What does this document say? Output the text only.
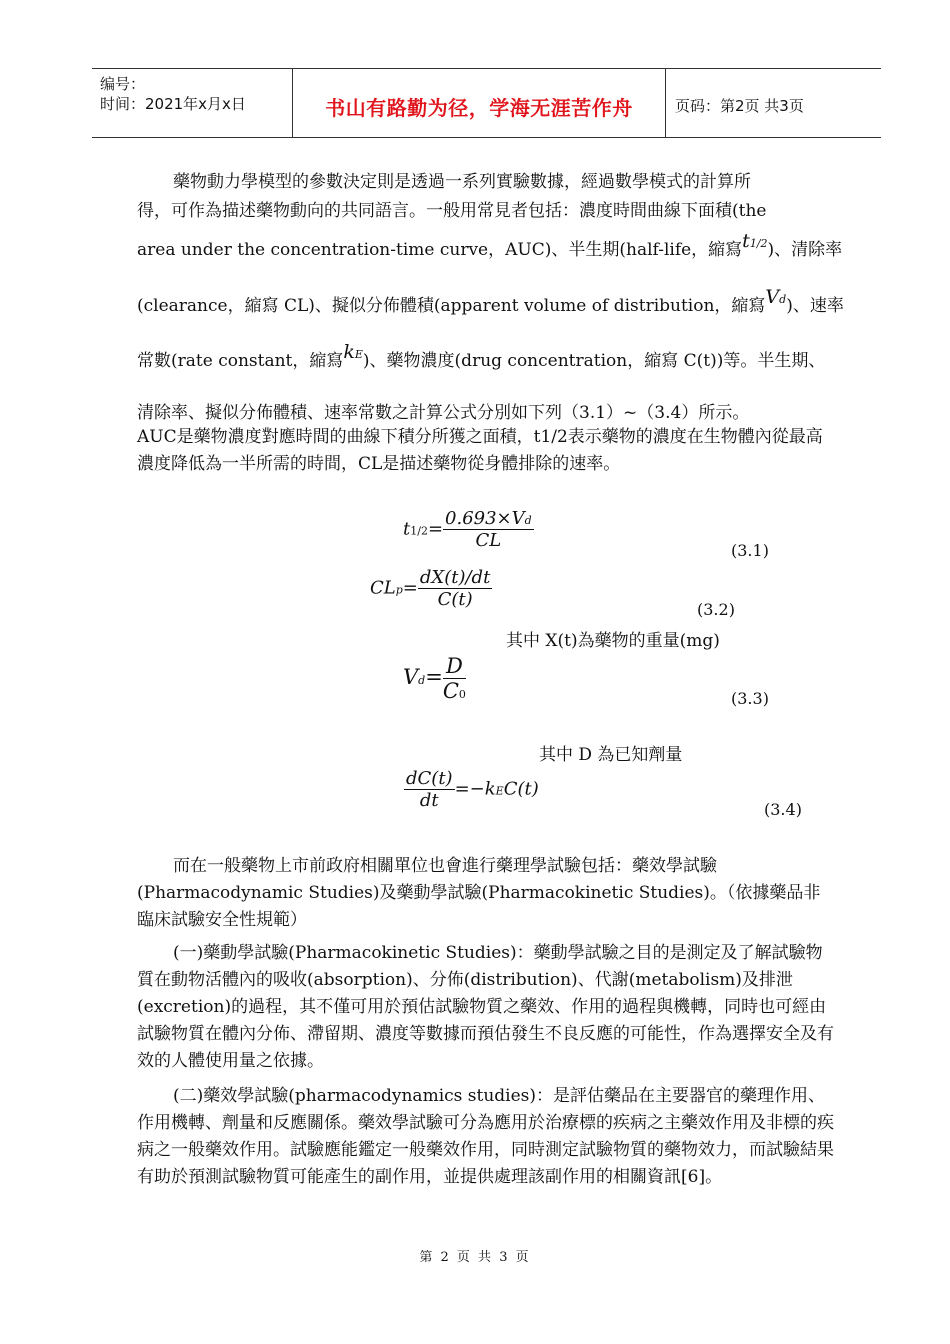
编号：
时间：2021年x月x日	书山有路勤为径，学海无涯苦作舟	页码：第2页 共3页
藥物動力學模型的參數決定則是透過一系列實驗數據，經過數學模式的計算所
得，可作為描述藥物動向的共同語言。一般用常見者包括：濃度時間曲線下面積(the
area under the concentration-time curve，AUC)、半生期(half-life，縮寫t1/2)、清除率
(clearance，縮寫 CL)、擬似分佈體積(apparent volume of distribution，縮寫Vd)、速率
常數(rate constant，縮寫kE)、藥物濃度(drug concentration，縮寫 C(t))等。半生期、
清除率、擬似分佈體積、速率常數之計算公式分別如下列（3.1）~（3.4）所示。
AUC是藥物濃度對應時間的曲線下積分所獲之面積，t1/2表示藥物的濃度在生物體內從最高濃度降低為一半所需的時間，CL是描述藥物從身體排除的速率。
$t1/2= \frac{0.693\times Vd}{CL}$	(3.1)
$CLp= \frac{dX(t)/dt}{C(t)}$	(3.2)
其中 X(t)為藥物的重量(mg)
$Vd= \frac{D}{C0}$	(3.3)
其中 D 為已知劑量
$\frac{dC(t)}{dt} =-kEC(t)$
(3.4)
而在一般藥物上市前政府相關單位也會進行藥理學試驗包括：藥效學試驗(Pharmacodynamic Studies)及藥動學試驗(Pharmacokinetic Studies)。（依據藥品非臨床試驗安全性規範）
(一)藥動學試驗(Pharmacokinetic Studies)：藥動學試驗之目的是測定及了解試驗物質在動物活體內的吸收(absorption)、分佈(distribution)、代謝(metabolism)及排泄(excretion)的過程，其不僅可用於預估試驗物質之藥效、作用的過程與機轉，同時也可經由試驗物質在體內分佈、滯留期、濃度等數據而預估發生不良反應的可能性，作為選擇安全及有效的人體使用量之依據。
(二)藥效學試驗(pharmacodynamics studies)：是評估藥品在主要器官的藥理作用、作用機轉、劑量和反應關係。藥效學試驗可分為應用於治療標的疾病之主藥效作用及非標的疾病之一般藥效作用。試驗應能鑑定一般藥效作用，同時測定試驗物質的藥物效力，而試驗結果有助於預測試驗物質可能產生的副作用，並提供處理該副作用的相關資訊[6]。
第 2 页 共 3 页
